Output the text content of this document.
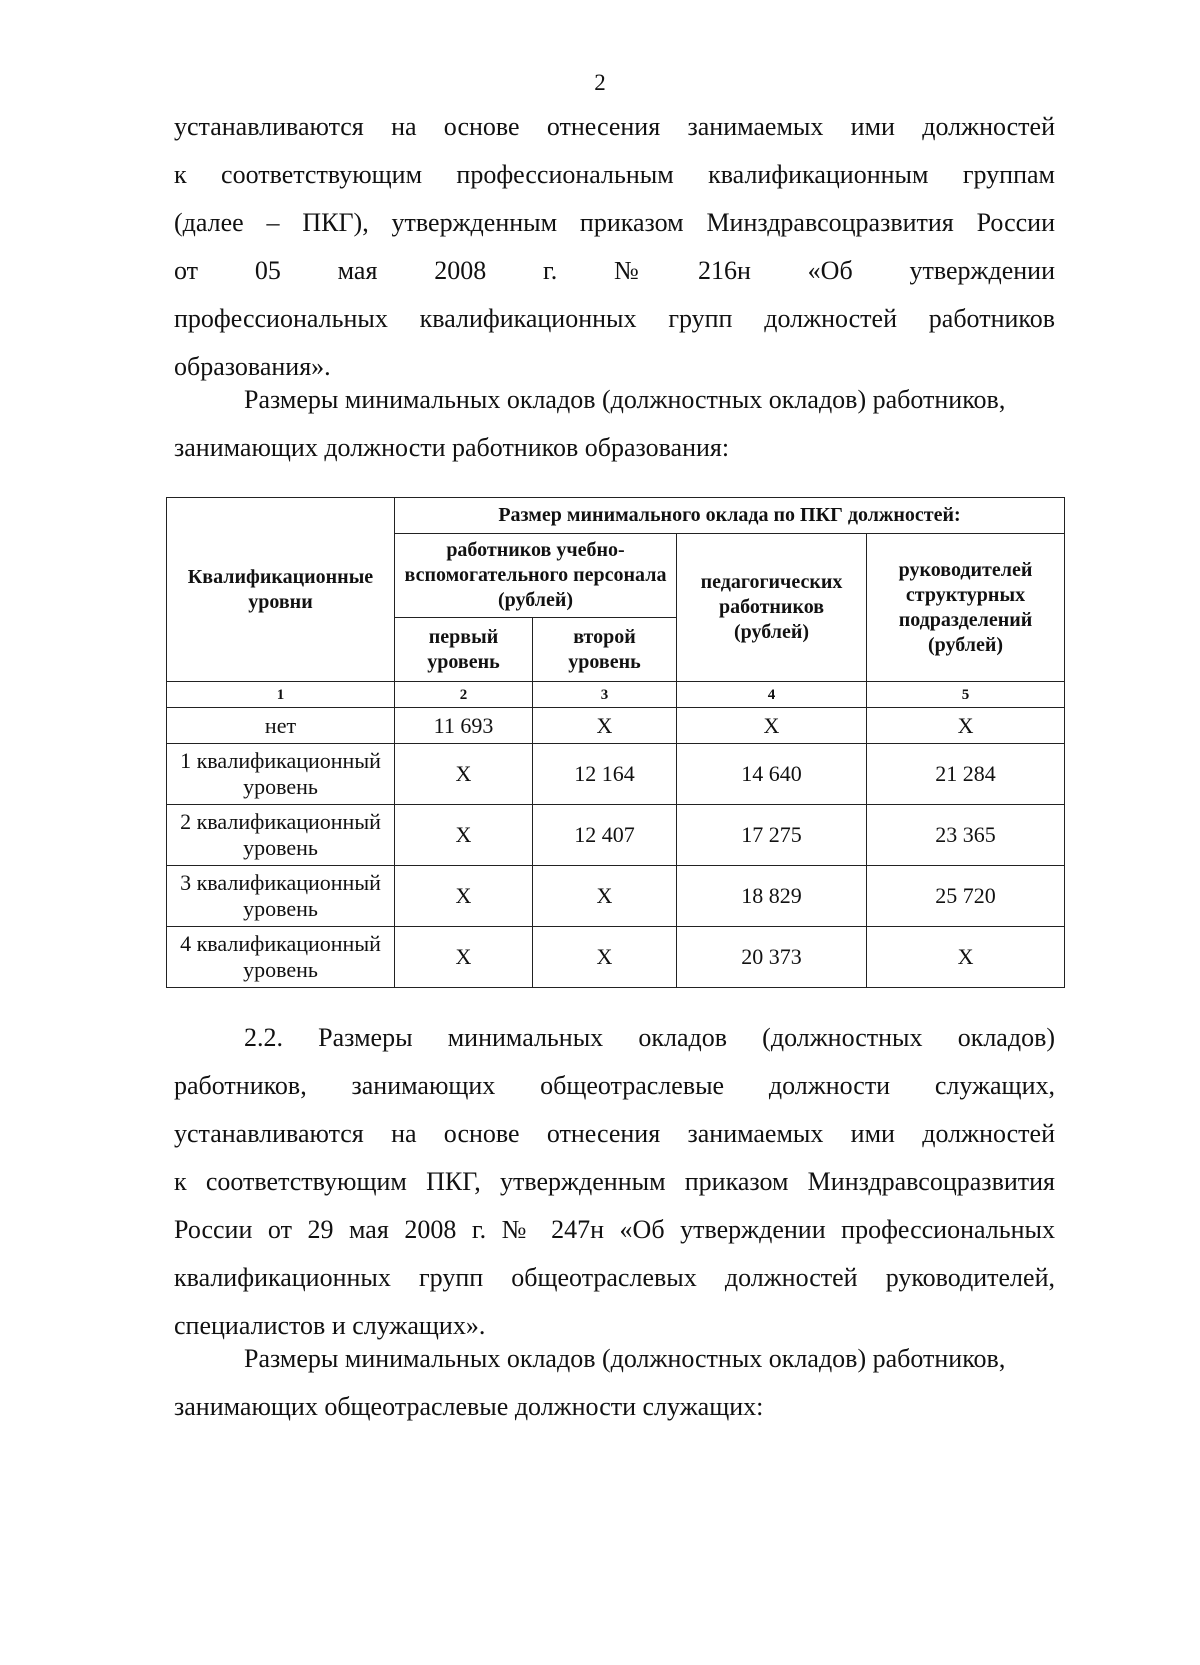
2
устанавливаются на основе отнесения занимаемых ими должностей
к соответствующим профессиональным квалификационным группам
(далее – ПКГ), утвержденным приказом Минздравсоцразвития России
от 05 мая 2008 г. № 216н «Об утверждении
профессиональных квалификационных групп должностей работников
образования».
Размеры минимальных окладов (должностных окладов) работников,
занимающих должности работников образования:
Квалификационные уровни	Размер минимального оклада по ПКГ должностей:			
	работников учебно-вспомогательного персонала (рублей)		педагогических работников (рублей)	руководителей структурных подразделений (рублей)
	первый уровень	второй уровень		
1	2	3	4	5
нет	11 693	Х	Х	Х
1 квалификационный уровень	Х	12 164	14 640	21 284
2 квалификационный уровень	Х	12 407	17 275	23 365
3 квалификационный уровень	Х	Х	18 829	25 720
4 квалификационный уровень	Х	Х	20 373	Х
2.2. Размеры минимальных окладов (должностных окладов)
работников, занимающих общеотраслевые должности служащих,
устанавливаются на основе отнесения занимаемых ими должностей
к соответствующим ПКГ, утвержденным приказом Минздравсоцразвития
России от 29 мая 2008 г. № 247н «Об утверждении профессиональных
квалификационных групп общеотраслевых должностей руководителей,
специалистов и служащих».
Размеры минимальных окладов (должностных окладов) работников,
занимающих общеотраслевые должности служащих:
